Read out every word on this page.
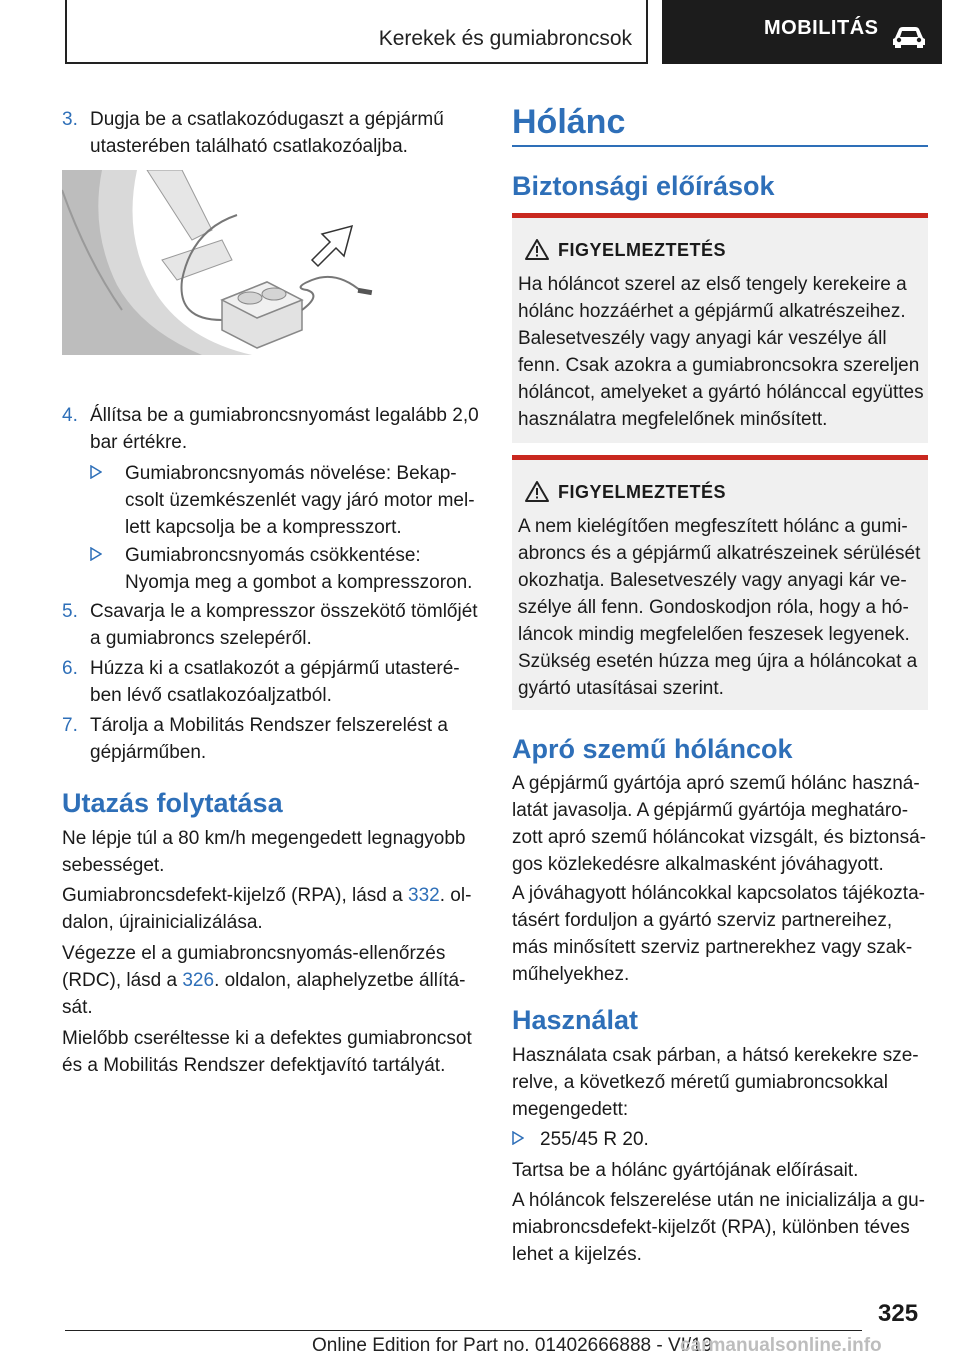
Kerekek és gumiabroncsok	MOBILITÁS
3. Dugja be a csatlakozódugaszt a gépjármű utasterében található csatlakozóaljba.
4. Állítsa be a gumiabroncsnyomást legalább 2,0 bar értékre.
Gumiabroncsnyomás növelése: Bekapcsolt üzemkészenlét vagy járó motor mellett kapcsolja be a kompresszort.
Gumiabroncsnyomás csökkentése: Nyomja meg a gombot a kompresszoron.
5. Csavarja le a kompresszor összekötő tömlőjét a gumiabroncs szelepéről.
6. Húzza ki a csatlakozót a gépjármű utasterében lévő csatlakozóaljzatból.
7. Tárolja a Mobilitás Rendszer felszerelést a gépjárműben.
Utazás folytatása
Ne lépje túl a 80 km/h megengedett legnagyobb sebességet.
Gumiabroncsdefekt-kijelző (RPA), lásd a 332. oldalon, újrainicializálása.
Végezze el a gumiabroncsnyomás-ellenőrzés (RDC), lásd a 326. oldalon, alaphelyzetbe állítását.
Mielőbb cseréltesse ki a defektes gumiabroncsot és a Mobilitás Rendszer defektjavító tartályát.
Hólánc
Biztonsági előírások
FIGYELMEZTETÉS
Ha hóláncot szerel az első tengely kerekeire a hólánc hozzáérhet a gépjármű alkatrészeihez. Balesetveszély vagy anyagi kár veszélye áll fenn. Csak azokra a gumiabroncsokra szereljen hóláncot, amelyeket a gyártó hólánccal együttes használatra megfelelőnek minősített.
FIGYELMEZTETÉS
A nem kielégítően megfeszített hólánc a gumiabroncs és a gépjármű alkatrészeinek sérülését okozhatja. Balesetveszély vagy anyagi kár veszélye áll fenn. Gondoskodjon róla, hogy a hóláncok mindig megfelelően feszesek legyenek. Szükség esetén húzza meg újra a hóláncokat a gyártó utasításai szerint.
Apró szemű hóláncok
A gépjármű gyártója apró szemű hólánc használatát javasolja. A gépjármű gyártója meghatározott apró szemű hóláncokat vizsgált, és biztonságos közlekedésre alkalmasként jóváhagyott.
A jóváhagyott hóláncokkal kapcsolatos tájékoztatásért forduljon a gyártó szerviz partnereihez, más minősített szerviz partnerekhez vagy szakműhelyekhez.
Használat
Használata csak párban, a hátsó kerekekre szerelve, a következő méretű gumiabroncsokkal megengedett:
255/45 R 20.
Tartsa be a hólánc gyártójának előírásait.
A hóláncok felszerelése után ne inicializálja a gumiabroncsdefekt-kijelzőt (RPA), különben téves lehet a kijelzés.
325
Online Edition for Part no. 01402666888 - VI/19
carmanualsonline.info
